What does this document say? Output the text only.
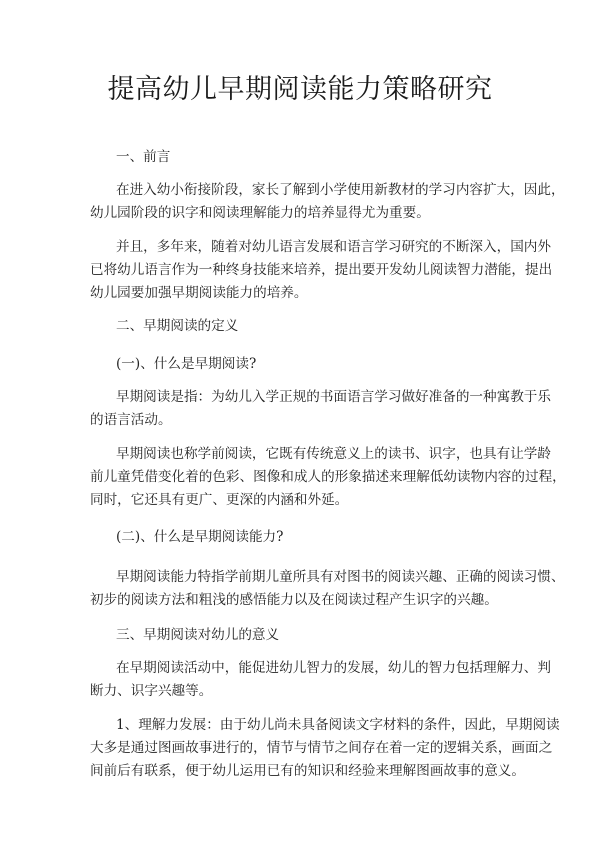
提高幼儿早期阅读能力策略研究

一、前言

在进入幼小衔接阶段，家长了解到小学使用新教材的学习内容扩大，因此，
幼儿园阶段的识字和阅读理解能力的培养显得尤为重要。

并且，多年来，随着对幼儿语言发展和语言学习研究的不断深入，国内外
已将幼儿语言作为一种终身技能来培养，提出要开发幼儿阅读智力潜能，提出
幼儿园要加强早期阅读能力的培养。

二、早期阅读的定义

(一)、什么是早期阅读?

早期阅读是指：为幼儿入学正规的书面语言学习做好准备的一种寓教于乐
的语言活动。

早期阅读也称学前阅读，它既有传统意义上的读书、识字，也具有让学龄
前儿童凭借变化着的色彩、图像和成人的形象描述来理解低幼读物内容的过程，
同时，它还具有更广、更深的内涵和外延。

(二)、什么是早期阅读能力?

早期阅读能力特指学前期儿童所具有对图书的阅读兴趣、正确的阅读习惯、
初步的阅读方法和粗浅的感悟能力以及在阅读过程产生识字的兴趣。

三、早期阅读对幼儿的意义

在早期阅读活动中，能促进幼儿智力的发展，幼儿的智力包括理解力、判
断力、识字兴趣等。

1、理解力发展：由于幼儿尚未具备阅读文字材料的条件，因此，早期阅读
大多是通过图画故事进行的，情节与情节之间存在着一定的逻辑关系，画面之
间前后有联系，便于幼儿运用已有的知识和经验来理解图画故事的意义。
